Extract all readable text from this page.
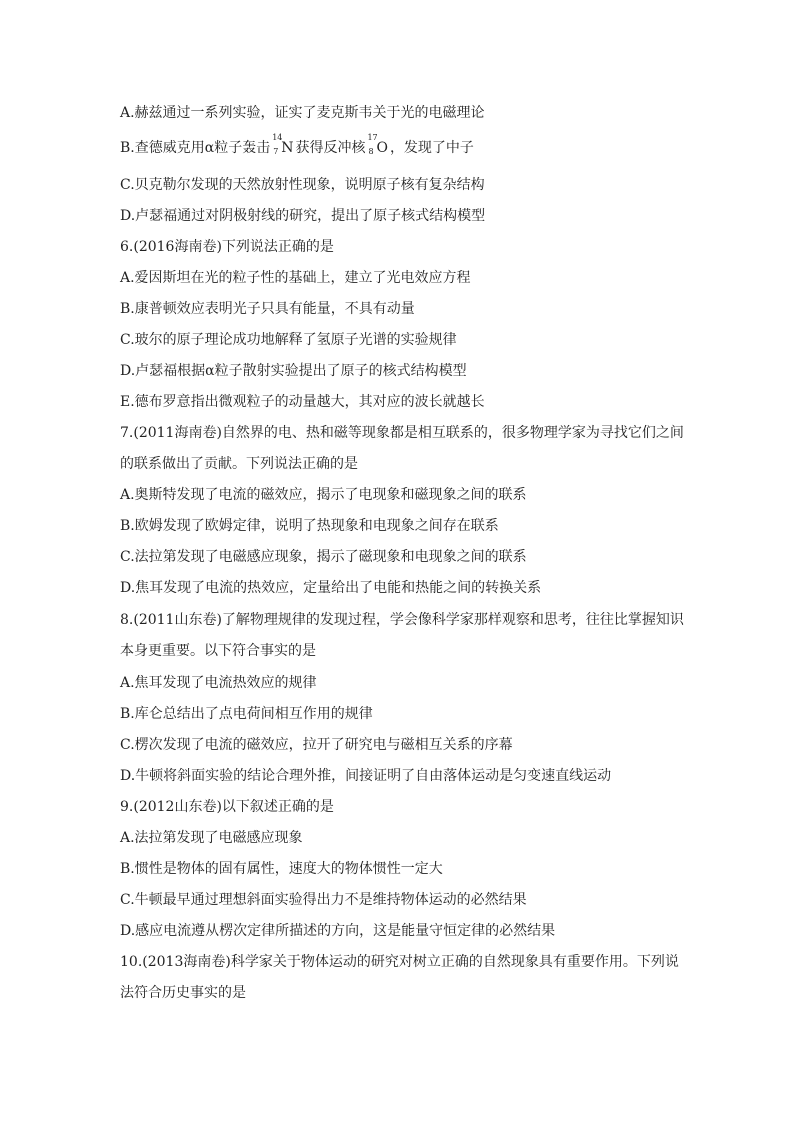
A.赫兹通过一系列实验，证实了麦克斯韦关于光的电磁理论
B.查德威克用α粒子轰击
14
7 N 获得反冲核
17
8 O ，发现了中子
C.贝克勒尔发现的天然放射性现象，说明原子核有复杂结构
D.卢瑟福通过对阴极射线的研究，提出了原子核式结构模型
6.(2016海南卷)下列说法正确的是
A.爱因斯坦在光的粒子性的基础上，建立了光电效应方程
B.康普顿效应表明光子只具有能量，不具有动量
C.玻尔的原子理论成功地解释了氢原子光谱的实验规律
D.卢瑟福根据α粒子散射实验提出了原子的核式结构模型
E.德布罗意指出微观粒子的动量越大，其对应的波长就越长
7.(2011海南卷)自然界的电、热和磁等现象都是相互联系的，很多物理学家为寻找它们之间
的联系做出了贡献。下列说法正确的是
A.奥斯特发现了电流的磁效应，揭示了电现象和磁现象之间的联系
B.欧姆发现了欧姆定律，说明了热现象和电现象之间存在联系
C.法拉第发现了电磁感应现象，揭示了磁现象和电现象之间的联系
D.焦耳发现了电流的热效应，定量给出了电能和热能之间的转换关系
8.(2011山东卷)了解物理规律的发现过程，学会像科学家那样观察和思考，往往比掌握知识
本身更重要。以下符合事实的是
A.焦耳发现了电流热效应的规律
B.库仑总结出了点电荷间相互作用的规律
C.楞次发现了电流的磁效应，拉开了研究电与磁相互关系的序幕
D.牛顿将斜面实验的结论合理外推，间接证明了自由落体运动是匀变速直线运动
9.(2012山东卷)以下叙述正确的是
A.法拉第发现了电磁感应现象
B.惯性是物体的固有属性，速度大的物体惯性一定大
C.牛顿最早通过理想斜面实验得出力不是维持物体运动的必然结果
D.感应电流遵从楞次定律所描述的方向，这是能量守恒定律的必然结果
10.(2013海南卷)科学家关于物体运动的研究对树立正确的自然现象具有重要作用。下列说
法符合历史事实的是
